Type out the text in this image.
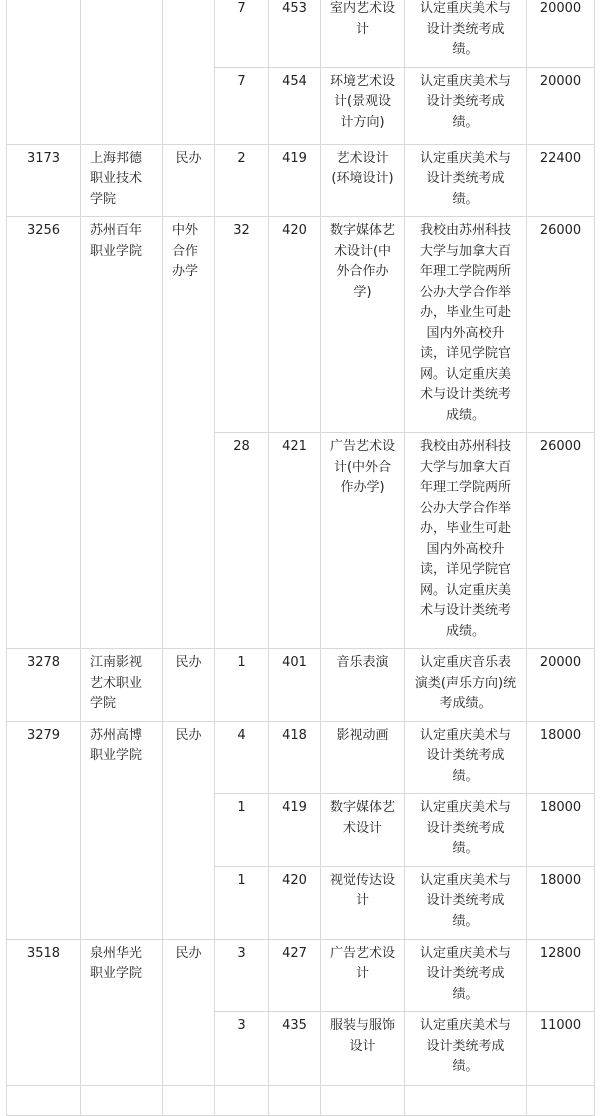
			7	453	室内艺术设计	认定重庆美术与设计类统考成绩。	20000
			7	454	环境艺术设计(景观设计方向)	认定重庆美术与设计类统考成绩。	20000
3173	上海邦德职业技术学院	民办	2	419	艺术设计(环境设计)	认定重庆美术与设计类统考成绩。	22400
3256	苏州百年职业学院	中外合作办学	32	420	数字媒体艺术设计(中外合作办学)	我校由苏州科技大学与加拿大百年理工学院两所公办大学合作举办，毕业生可赴国内外高校升读，详见学院官网。认定重庆美术与设计类统考成绩。	26000
			28	421	广告艺术设计(中外合作办学)	我校由苏州科技大学与加拿大百年理工学院两所公办大学合作举办，毕业生可赴国内外高校升读，详见学院官网。认定重庆美术与设计类统考成绩。	26000
3278	江南影视艺术职业学院	民办	1	401	音乐表演	认定重庆音乐表演类(声乐方向)统考成绩。	20000
3279	苏州高博职业学院	民办	4	418	影视动画	认定重庆美术与设计类统考成绩。	18000
			1	419	数字媒体艺术设计	认定重庆美术与设计类统考成绩。	18000
			1	420	视觉传达设计	认定重庆美术与设计类统考成绩。	18000
3518	泉州华光职业学院	民办	3	427	广告艺术设计	认定重庆美术与设计类统考成绩。	12800
			3	435	服装与服饰设计	认定重庆美术与设计类统考成绩。	11000
